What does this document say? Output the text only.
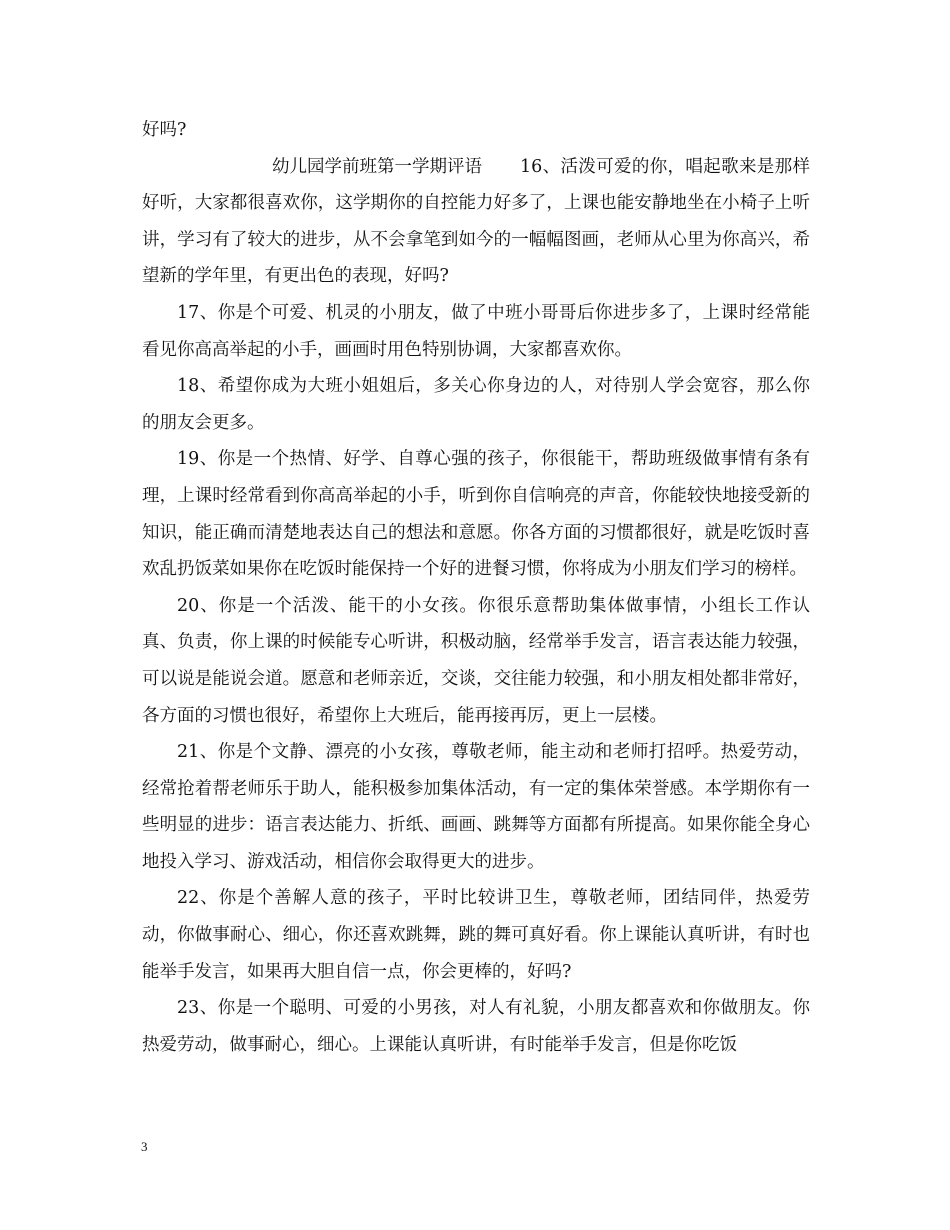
好吗?

幼儿园学前班第一学期评语 16、活泼可爱的你，唱起歌来是那样好听，大家都很喜欢你，这学期你的自控能力好多了，上课也能安静地坐在小椅子上听讲，学习有了较大的进步，从不会拿笔到如今的一幅幅图画，老师从心里为你高兴，希望新的学年里，有更出色的表现，好吗?

17、你是个可爱、机灵的小朋友，做了中班小哥哥后你进步多了，上课时经常能看见你高高举起的小手，画画时用色特别协调，大家都喜欢你。

18、希望你成为大班小姐姐后，多关心你身边的人，对待别人学会宽容，那么你的朋友会更多。

19、你是一个热情、好学、自尊心强的孩子，你很能干，帮助班级做事情有条有理，上课时经常看到你高高举起的小手，听到你自信响亮的声音，你能较快地接受新的知识，能正确而清楚地表达自己的想法和意愿。你各方面的习惯都很好，就是吃饭时喜欢乱扔饭菜如果你在吃饭时能保持一个好的进餐习惯，你将成为小朋友们学习的榜样。

20、你是一个活泼、能干的小女孩。你很乐意帮助集体做事情，小组长工作认真、负责，你上课的时候能专心听讲，积极动脑，经常举手发言，语言表达能力较强，可以说是能说会道。愿意和老师亲近，交谈，交往能力较强，和小朋友相处都非常好，各方面的习惯也很好，希望你上大班后，能再接再厉，更上一层楼。

21、你是个文静、漂亮的小女孩，尊敬老师，能主动和老师打招呼。热爱劳动，经常抢着帮老师乐于助人，能积极参加集体活动，有一定的集体荣誉感。本学期你有一些明显的进步：语言表达能力、折纸、画画、跳舞等方面都有所提高。如果你能全身心地投入学习、游戏活动，相信你会取得更大的进步。

22、你是个善解人意的孩子，平时比较讲卫生，尊敬老师，团结同伴，热爱劳动，你做事耐心、细心，你还喜欢跳舞，跳的舞可真好看。你上课能认真听讲，有时也能举手发言，如果再大胆自信一点，你会更棒的，好吗?

23、你是一个聪明、可爱的小男孩，对人有礼貌，小朋友都喜欢和你做朋友。你热爱劳动，做事耐心，细心。上课能认真听讲，有时能举手发言，但是你吃饭

3
